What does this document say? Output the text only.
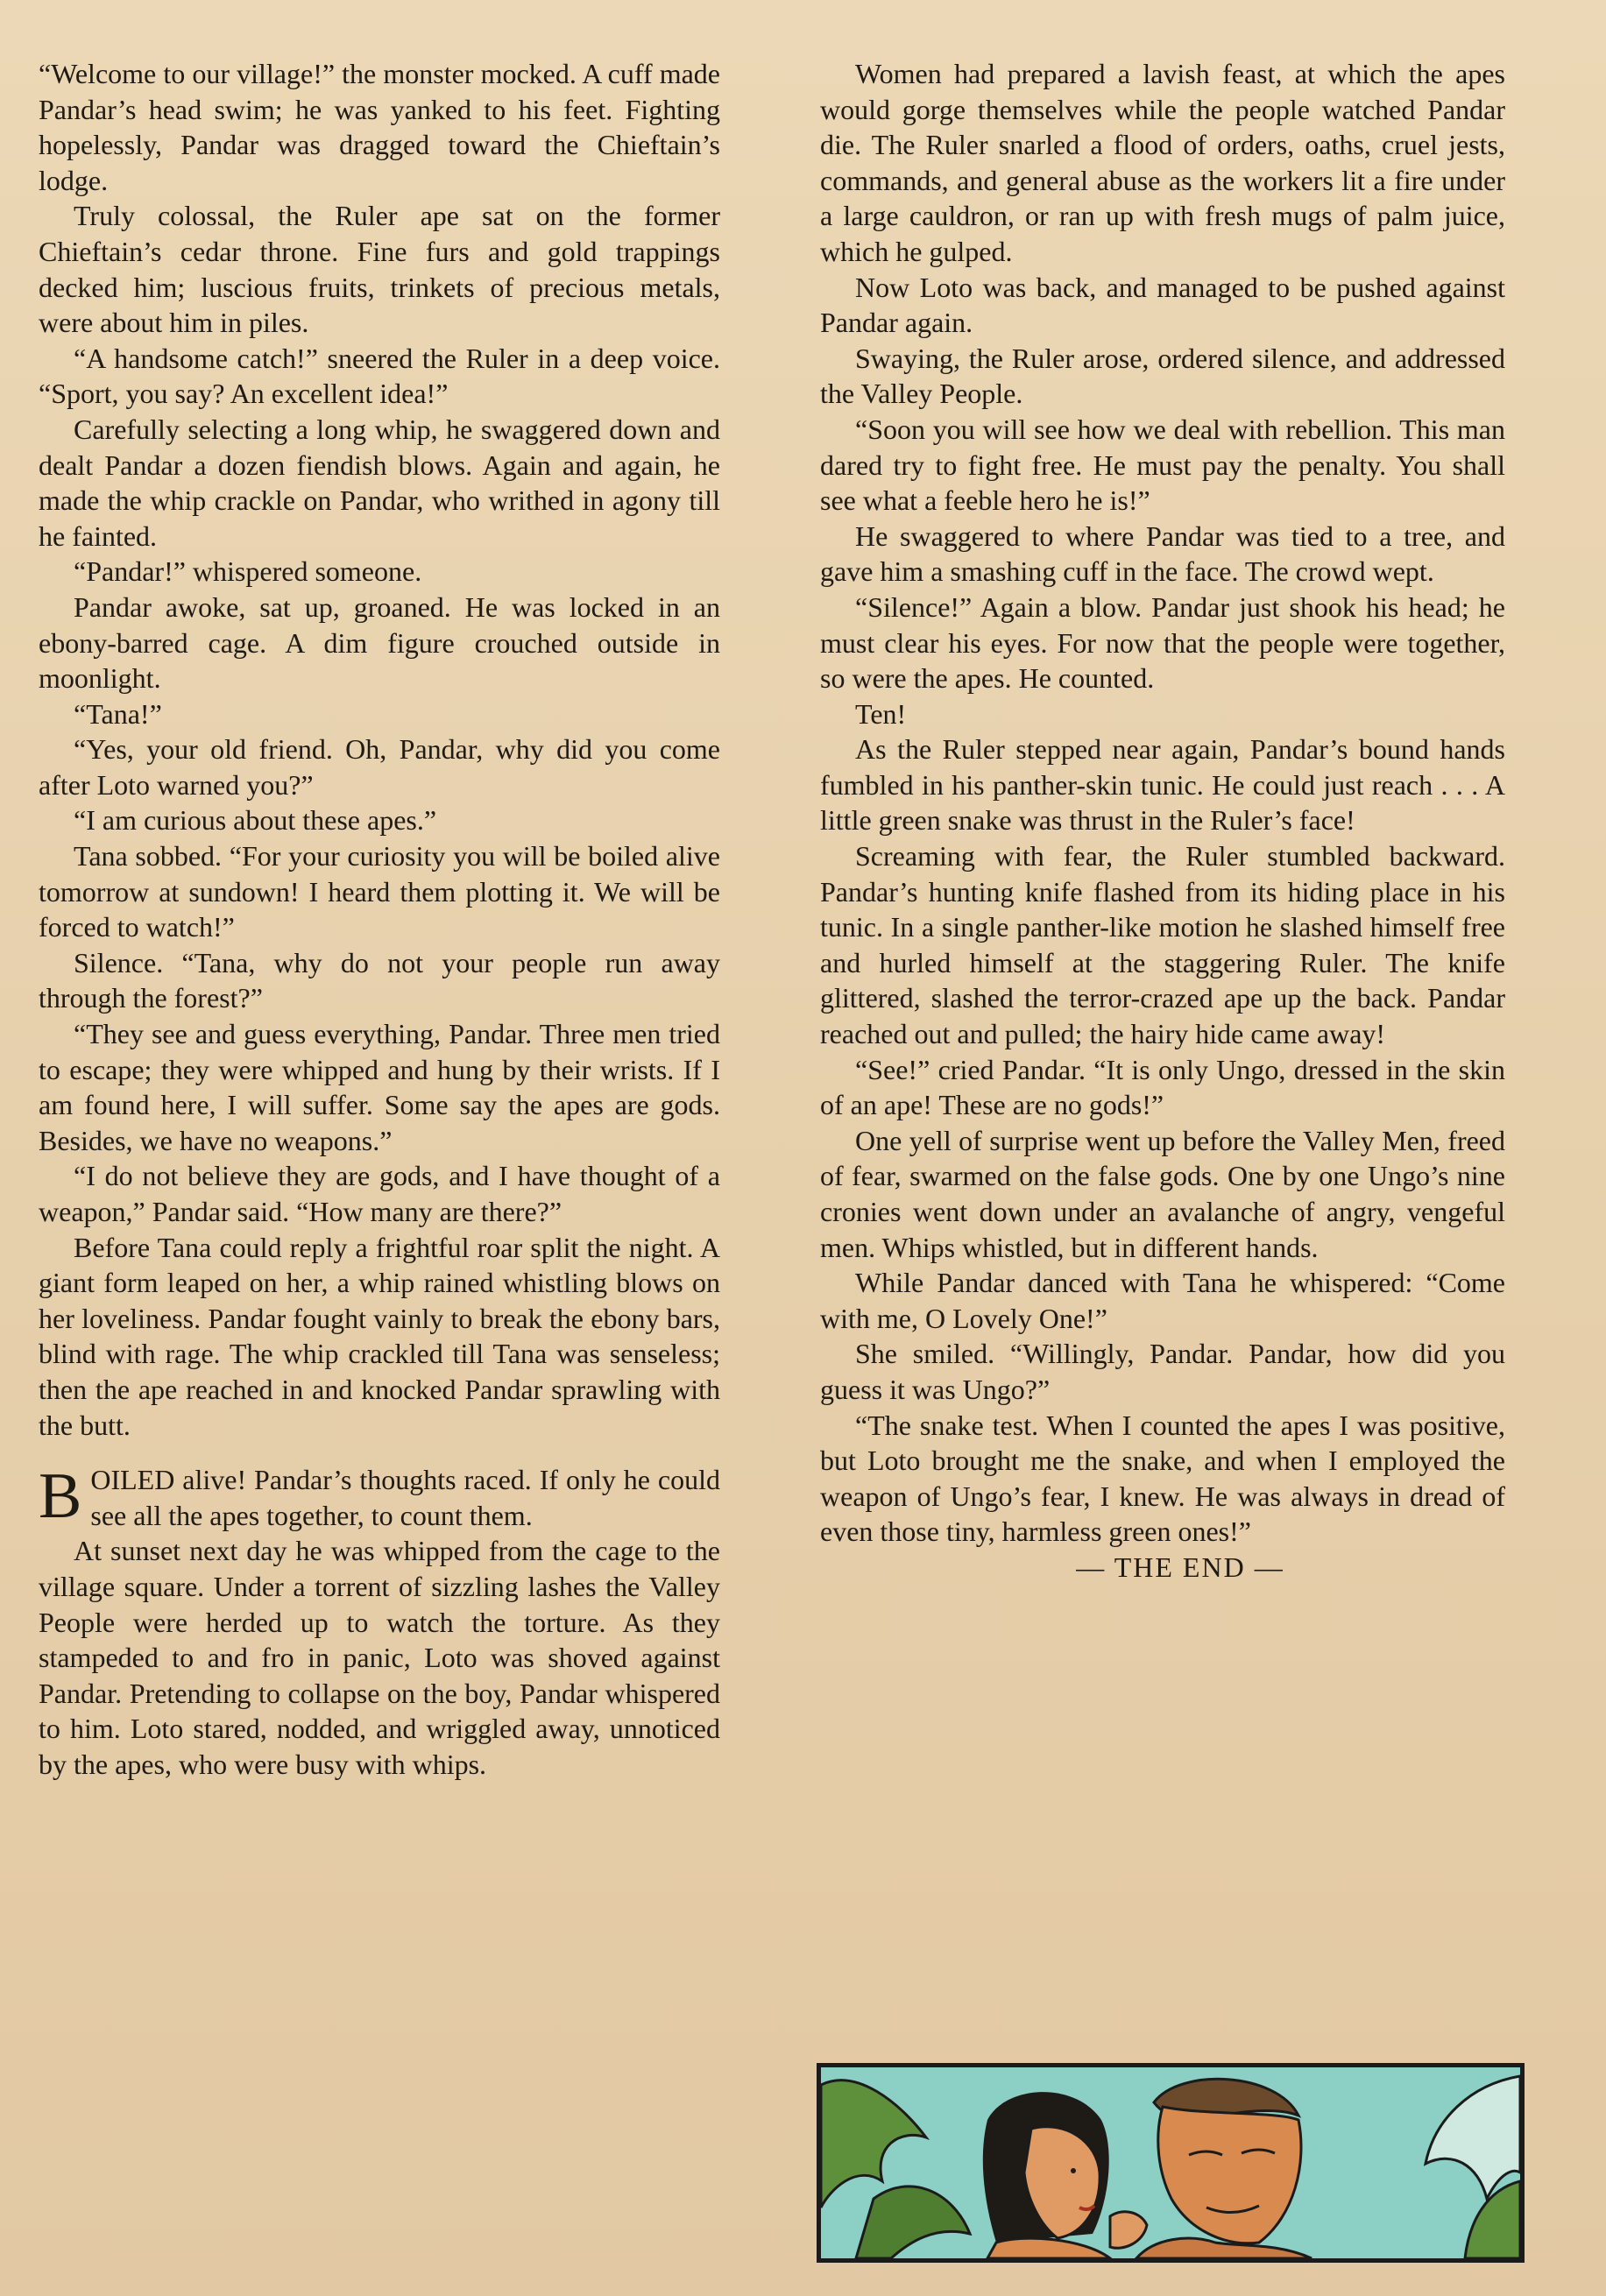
“Welcome to our village!” the monster mocked. A cuff made Pandar’s head swim; he was yanked to his feet. Fighting hopelessly, Pandar was dragged toward the Chieftain’s lodge.

Truly colossal, the Ruler ape sat on the former Chieftain’s cedar throne. Fine furs and gold trappings decked him; luscious fruits, trinkets of precious metals, were about him in piles.

“A handsome catch!” sneered the Ruler in a deep voice. “Sport, you say? An excellent idea!”

Carefully selecting a long whip, he swaggered down and dealt Pandar a dozen fiendish blows. Again and again, he made the whip crackle on Pandar, who writhed in agony till he fainted.

“Pandar!” whispered someone.

Pandar awoke, sat up, groaned. He was locked in an ebony-barred cage. A dim figure crouched outside in moonlight.

“Tana!”

“Yes, your old friend. Oh, Pandar, why did you come after Loto warned you?”

“I am curious about these apes.”

Tana sobbed. “For your curiosity you will be boiled alive tomorrow at sundown! I heard them plotting it. We will be forced to watch!”

Silence. “Tana, why do not your people run away through the forest?”

“They see and guess everything, Pandar. Three men tried to escape; they were whipped and hung by their wrists. If I am found here, I will suffer. Some say the apes are gods. Besides, we have no weapons.”

“I do not believe they are gods, and I have thought of a weapon,” Pandar said. “How many are there?”

Before Tana could reply a frightful roar split the night. A giant form leaped on her, a whip rained whistling blows on her loveliness. Pandar fought vainly to break the ebony bars, blind with rage. The whip crackled till Tana was senseless; then the ape reached in and knocked Pandar sprawling with the butt.

BOILED alive! Pandar’s thoughts raced. If only he could see all the apes together, to count them.

At sunset next day he was whipped from the cage to the village square. Under a torrent of sizzling lashes the Valley People were herded up to watch the torture. As they stampeded to and fro in panic, Loto was shoved against Pandar. Pretending to collapse on the boy, Pandar whispered to him. Loto stared, nodded, and wriggled away, unnoticed by the apes, who were busy with whips.

Women had prepared a lavish feast, at which the apes would gorge themselves while the people watched Pandar die. The Ruler snarled a flood of orders, oaths, cruel jests, commands, and general abuse as the workers lit a fire under a large cauldron, or ran up with fresh mugs of palm juice, which he gulped.

Now Loto was back, and managed to be pushed against Pandar again.

Swaying, the Ruler arose, ordered silence, and addressed the Valley People.

“Soon you will see how we deal with rebellion. This man dared try to fight free. He must pay the penalty. You shall see what a feeble hero he is!”

He swaggered to where Pandar was tied to a tree, and gave him a smashing cuff in the face. The crowd wept.

“Silence!” Again a blow. Pandar just shook his head; he must clear his eyes. For now that the people were together, so were the apes. He counted.

Ten!

As the Ruler stepped near again, Pandar’s bound hands fumbled in his panther-skin tunic. He could just reach . . . A little green snake was thrust in the Ruler’s face!

Screaming with fear, the Ruler stumbled backward. Pandar’s hunting knife flashed from its hiding place in his tunic. In a single panther-like motion he slashed himself free and hurled himself at the staggering Ruler. The knife glittered, slashed the terror-crazed ape up the back. Pandar reached out and pulled; the hairy hide came away!

“See!” cried Pandar. “It is only Ungo, dressed in the skin of an ape! These are no gods!”

One yell of surprise went up before the Valley Men, freed of fear, swarmed on the false gods. One by one Ungo’s nine cronies went down under an avalanche of angry, vengeful men. Whips whistled, but in different hands.

While Pandar danced with Tana he whispered: “Come with me, O Lovely One!”

She smiled. “Willingly, Pandar. Pandar, how did you guess it was Ungo?”

“The snake test. When I counted the apes I was positive, but Loto brought me the snake, and when I employed the weapon of Ungo’s fear, I knew. He was always in dread of even those tiny, harmless green ones!”

— THE END —
